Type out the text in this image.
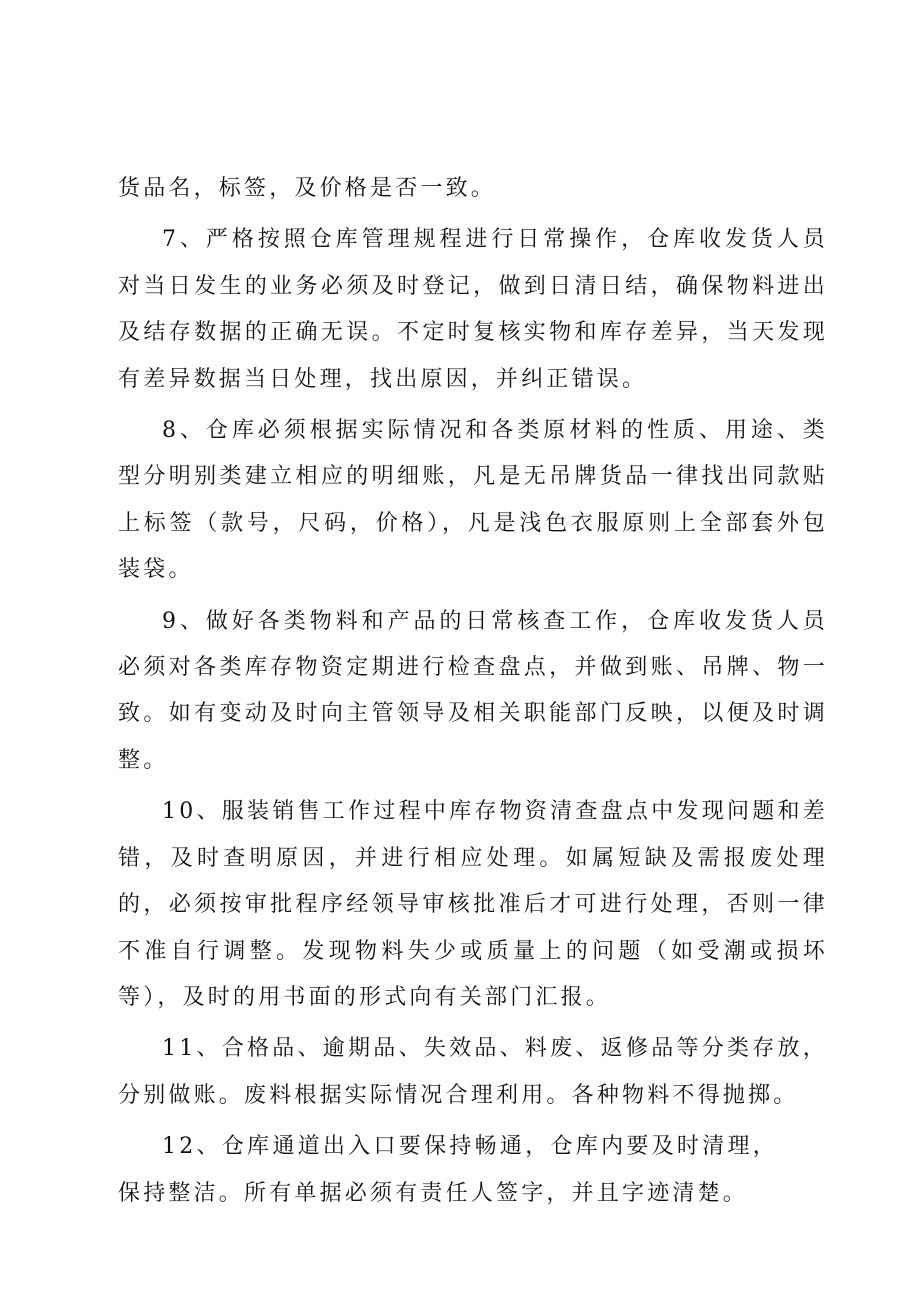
货品名，标签，及价格是否一致。

7、严格按照仓库管理规程进行日常操作，仓库收发货人员对当日发生的业务必须及时登记，做到日清日结，确保物料进出及结存数据的正确无误。不定时复核实物和库存差异，当天发现有差异数据当日处理，找出原因，并纠正错误。

8、仓库必须根据实际情况和各类原材料的性质、用途、类型分明别类建立相应的明细账，凡是无吊牌货品一律找出同款贴上标签（款号，尺码，价格），凡是浅色衣服原则上全部套外包装袋。

9、做好各类物料和产品的日常核查工作，仓库收发货人员必须对各类库存物资定期进行检查盘点，并做到账、吊牌、物一致。如有变动及时向主管领导及相关职能部门反映，以便及时调整。

10、服装销售工作过程中库存物资清查盘点中发现问题和差错，及时查明原因，并进行相应处理。如属短缺及需报废处理的，必须按审批程序经领导审核批准后才可进行处理，否则一律不准自行调整。发现物料失少或质量上的问题（如受潮或损坏等），及时的用书面的形式向有关部门汇报。

11、合格品、逾期品、失效品、料废、返修品等分类存放，分别做账。废料根据实际情况合理利用。各种物料不得抛掷。

12、仓库通道出入口要保持畅通，仓库内要及时清理，保持整洁。所有单据必须有责任人签字，并且字迹清楚。
